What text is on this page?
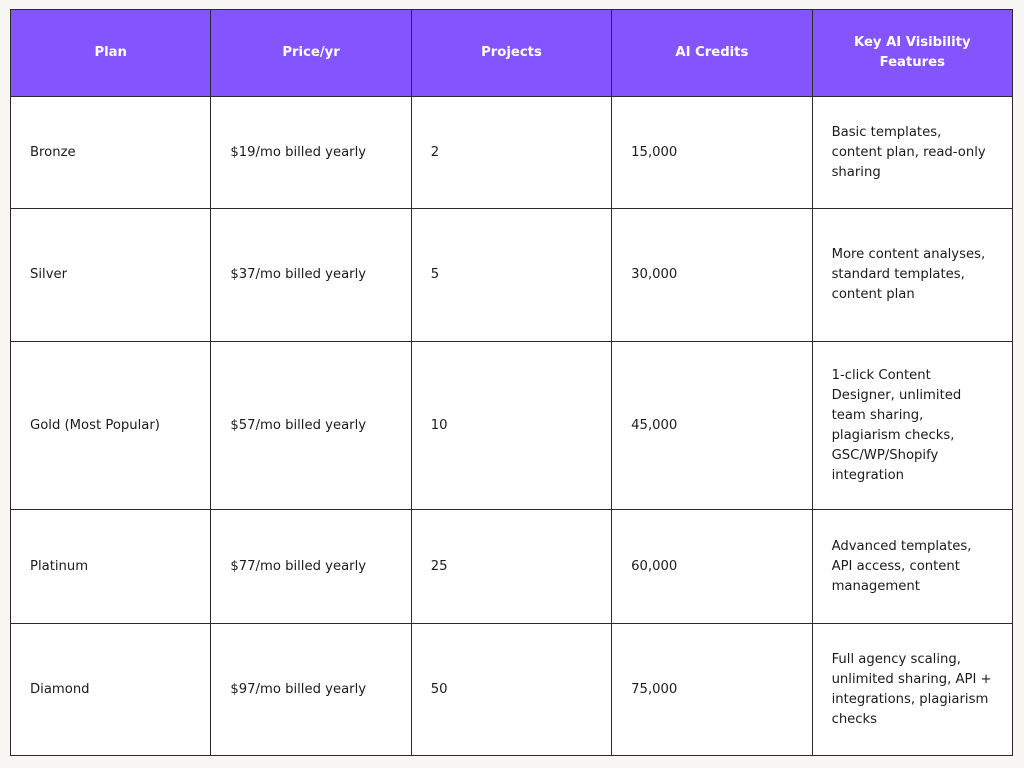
Plan	Price/yr	Projects	AI Credits	Key AI Visibility Features
Bronze	$19/mo billed yearly	2	15,000	Basic templates, content plan, read-only sharing
Silver	$37/mo billed yearly	5	30,000	More content analyses, standard templates, content plan
Gold (Most Popular)	$57/mo billed yearly	10	45,000	1-click Content Designer, unlimited team sharing, plagiarism checks, GSC/WP/Shopify integration
Platinum	$77/mo billed yearly	25	60,000	Advanced templates, API access, content management
Diamond	$97/mo billed yearly	50	75,000	Full agency scaling, unlimited sharing, API + integrations, plagiarism checks
